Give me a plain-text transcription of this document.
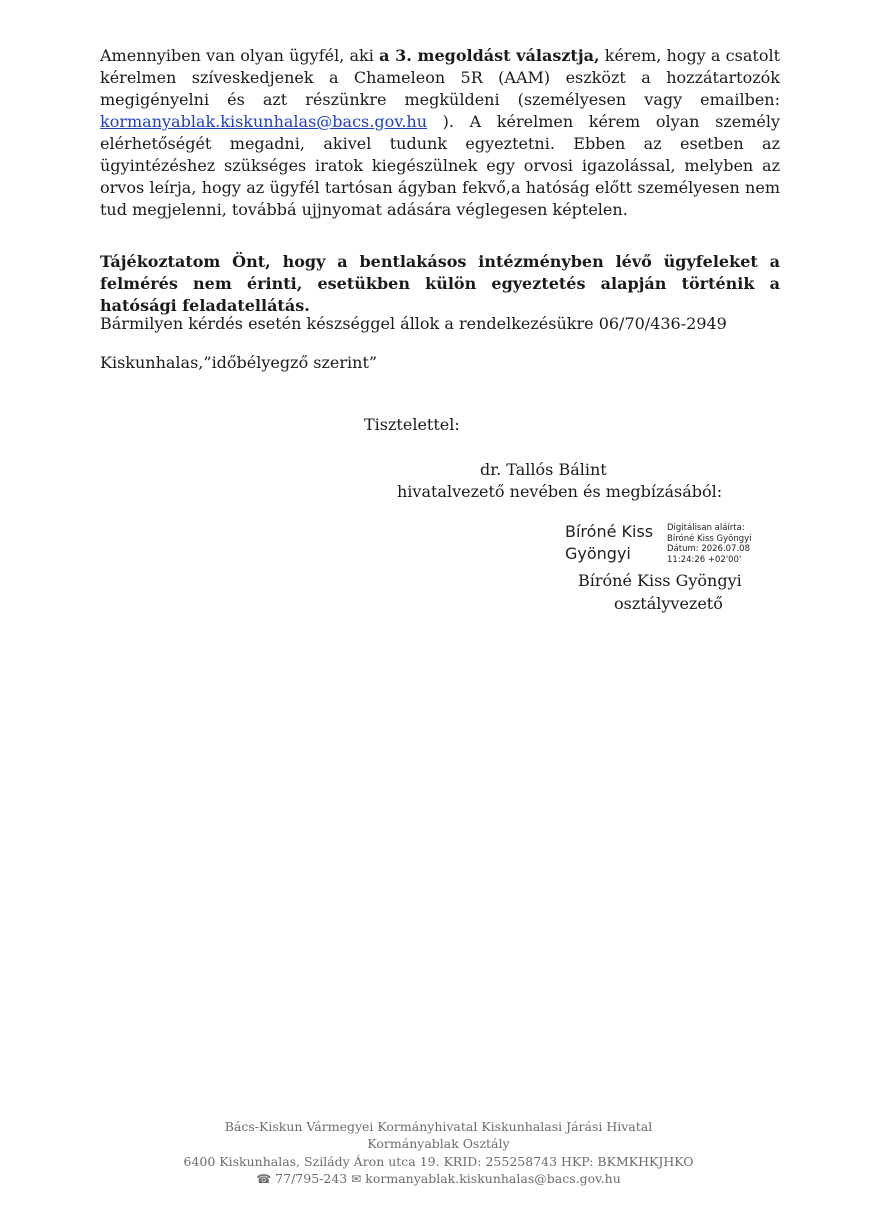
Amennyiben van olyan ügyfél, aki a 3. megoldást választja, kérem, hogy a csatolt kérelmen szíveskedjenek a Chameleon 5R (AAM) eszközt a hozzátartozók megigényelni és azt részünkre megküldeni (személyesen vagy emailben: kormanyablak.kiskunhalas@bacs.gov.hu ). A kérelmen kérem olyan személy elérhetőségét megadni, akivel tudunk egyeztetni. Ebben az esetben az ügyintézéshez szükséges iratok kiegészülnek egy orvosi igazolással, melyben az orvos leírja, hogy az ügyfél tartósan ágyban fekvő,a hatóság előtt személyesen nem tud megjelenni, továbbá ujjnyomat adására véglegesen képtelen.
Tájékoztatom Önt, hogy a bentlakásos intézményben lévő ügyfeleket a felmérés nem érinti, esetükben külön egyeztetés alapján történik a hatósági feladatellátás.
Bármilyen kérdés esetén készséggel állok a rendelkezésükre 06/70/436-2949
Kiskunhalas,”időbélyegző szerint”
Tisztelettel:
dr. Tallós Bálint
hivatalvezető nevében és megbízásából:
Bíróné Kiss
Gyöngyi
Digitálisan aláírta:
Bíróné Kiss Gyöngyi
Dátum: 2026.07.08
11:24:26 +02'00'
Bíróné Kiss Gyöngyi
osztályvezető
Bács-Kiskun Vármegyei Kormányhivatal Kiskunhalasi Járási Hivatal
Kormányablak Osztály
6400 Kiskunhalas, Szilády Áron utca 19. KRID: 255258743 HKP: BKMKHKJHKO
☎ 77/795-243 ✉ kormanyablak.kiskunhalas@bacs.gov.hu
